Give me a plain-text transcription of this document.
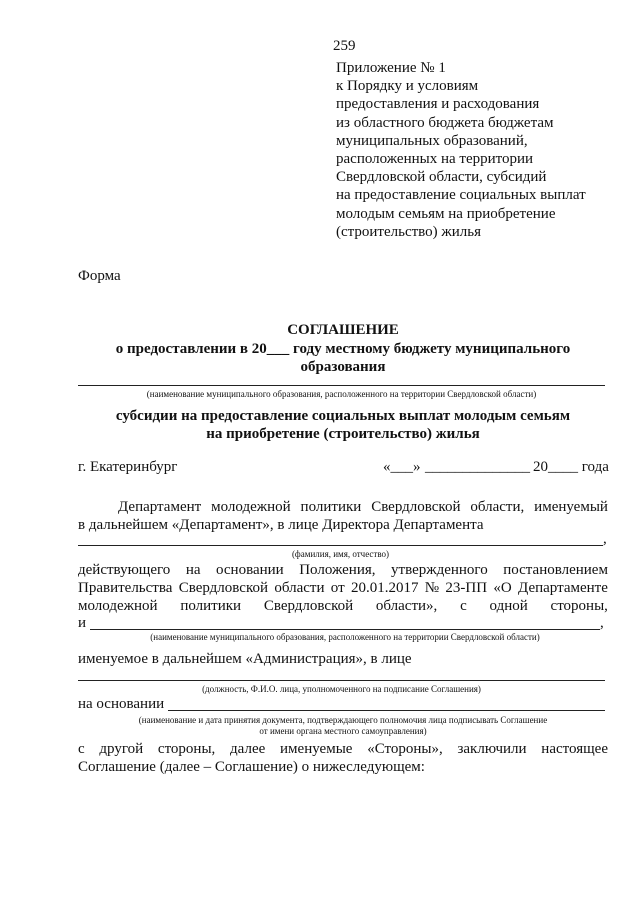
259
Приложение № 1
к Порядку и условиям
предоставления и расходования
из областного бюджета бюджетам
муниципальных образований,
расположенных на территории
Свердловской области, субсидий
на предоставление социальных выплат
молодым семьям на приобретение
(строительство) жилья
Форма
СОГЛАШЕНИЕ
о предоставлении в 20___ году местному бюджету муниципального
образования
(наименование муниципального образования, расположенного на территории Свердловской области)
субсидии на предоставление социальных выплат молодым семьям
на приобретение (строительство) жилья
г. Екатеринбург	«___» ______________ 20____ года
Департамент молодежной политики Свердловской области, именуемый
в дальнейшем «Департамент», в лице Директора Департамента
,
(фамилия, имя, отчество)
действующего на основании Положения, утвержденного постановлением
Правительства Свердловской области от 20.01.2017 № 23-ПП «О Департаменте
молодежной политики Свердловской области», с одной стороны,
и	,
(наименование муниципального образования, расположенного на территории Свердловской области)
именуемое в дальнейшем «Администрация», в лице
(должность, Ф.И.О. лица, уполномоченного на подписание Соглашения)
на основании
(наименование и дата принятия документа, подтверждающего полномочия лица подписывать Соглашение
от имени органа местного самоуправления)
с другой стороны, далее именуемые «Стороны», заключили настоящее
Соглашение (далее – Соглашение) о нижеследующем:
